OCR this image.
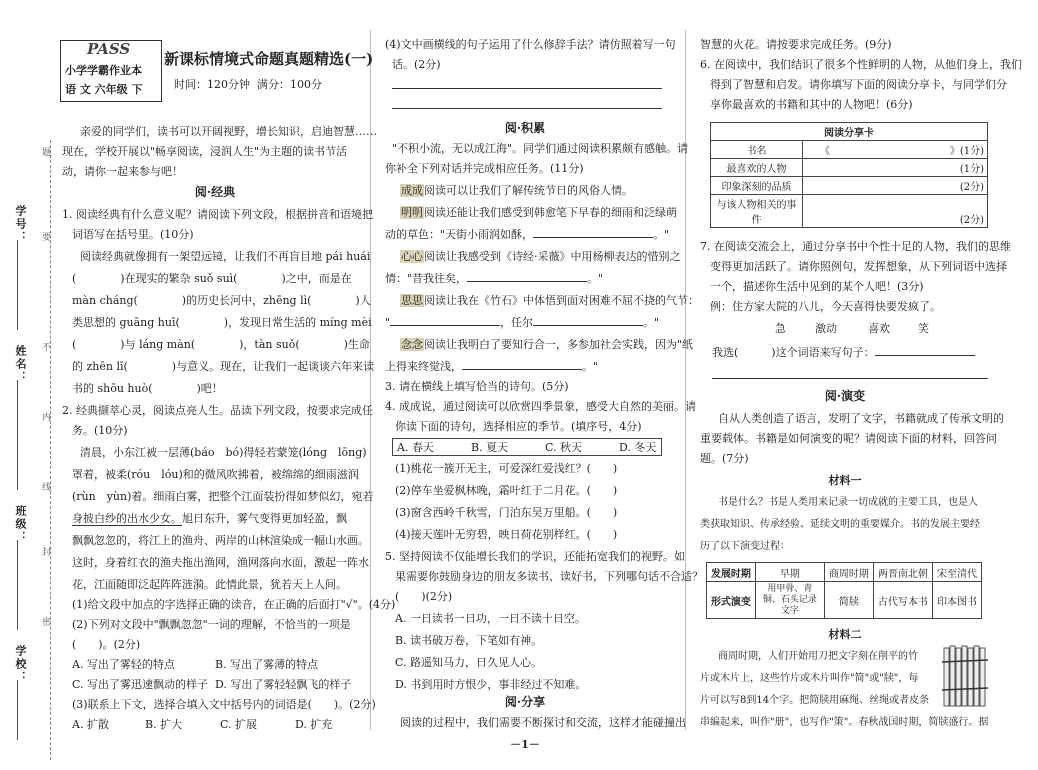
学号：
姓名：
班级：
学校：
题
要
不
内
线
封
密
PASS
小学学霸作业本
语 文 六年级 下
新课标情境式命题真题精选(一)
时间：120分钟 满分：100分
亲爱的同学们，读书可以开阔视野，增长知识，启迪智慧……
现在，学校开展以"畅享阅读，浸润人生"为主题的读书节活
动，请你一起来参与吧！
阅·经典
1. 阅读经典有什么意义呢？请阅读下列文段，根据拼音和语境把
词语写在括号里。(10分)
阅读经典就像拥有一架望远镜，让我们不再盲目地 pái huái
(　　　　)在现实的繁杂 suǒ suì(　　　　)之中，而是在
màn cháng(　　　　)的历史长河中，zhēng lì(　　　　)人
类思想的 guāng huī(　　　　)，发现日常生活的 míng mèi
(　　　　)与 láng màn(　　　　)，tàn suǒ(　　　　)生命
的 zhēn lǐ(　　　　)与意义。现在，让我们一起谈谈六年来读
书的 shōu huò(　　　　)吧！
2. 经典撷萃心灵，阅读点亮人生。品读下列文段，按要求完成任
务。(10分)
清晨，小东江被一层薄(báo　bó)得轻若蒙笼(lóng　lōng)
罩着，被柔(róu　lóu)和的微风吹拂着，被绵绵的细雨滋润
(rùn　yùn)着。细雨白雾，把整个江面装扮得如梦似幻，宛若
身披白纱的出水少女。旭日东升，雾气变得更加轻盈，飘
飘飘忽忽的，将江上的渔舟、两岸的山林渲染成一幅山水画。
这时，身着红衣的渔夫拖出渔网，渔网落向水面，激起一阵水
花，江面随即泛起阵阵涟漪。此情此景，犹若天上人间。
(1)给文段中加点的字选择正确的读音，在正确的后面打"√"。(4分)
(2)下列对文段中"飘飘忽忽"一词的理解，不恰当的一项是
(　　)。(2分)
A. 写出了雾轻的特点	B. 写出了雾薄的特点
C. 写出了雾迅速飘动的样子 D. 写出了雾轻轻飘飞的样子
(3)联系上下文，选择合填入文中括号内的词语是(　　)。(2分)
A. 扩散	B. 扩大	C. 扩展	D. 扩充
(4)文中画横线的句子运用了什么修辞手法？请仿照着写一句
话。(2分)
阅·积累
"不积小流，无以成江海"。同学们通过阅读积累颇有感触。请
你补全下列对话并完成相应任务。(11分)
成成阅读可以让我们了解传统节日的风俗人情。
明明阅读还能让我们感受到韩愈笔下早春的细雨和泛绿萌
动的草色："天街小雨润如酥，	。"
心心阅读让我感受到《诗经·采薇》中用杨柳表达的惜别之
情："昔我往矣，	。"
思思阅读让我在《竹石》中体悟到面对困难不屈不挠的气节：
"	，任尔	。"
念念阅读让我明白了要知行合一，多参加社会实践，因为"纸
上得来终觉浅，	。"
3. 请在横线上填写恰当的诗句。(5分)
4. 成成说，通过阅读可以欣赏四季景象，感受大自然的美丽。请
你读下面的诗句，选择相应的季节。(填序号，4分)
A. 春天	B. 夏天	C. 秋天	D. 冬天
(1)桃花一簇开无主，可爱深红爱浅红？(　　)
(2)停车坐爱枫林晚，霜叶红于二月花。(　　)
(3)窗含西岭千秋雪，门泊东吴万里船。(　　)
(4)接天莲叶无穷碧，映日荷花别样红。(　　)
5. 坚持阅读不仅能增长我们的学识，还能拓宽我们的视野。如
果需要你鼓励身边的朋友多读书、读好书，下列哪句话不合适？
(　　)(2分)
A. 一日读书一日功，一日不读十日空。
B. 读书破万卷，下笔如有神。
C. 路遥知马力，日久见人心。
D. 书到用时方恨少，事非经过不知难。
阅·分享
阅读的过程中，我们需要不断探讨和交流，这样才能碰撞出
－1－
智慧的火花。请按要求完成任务。(9分)
6. 在阅读中，我们结识了很多个性鲜明的人物，从他们身上，我们
得到了智慧和启发。请你填写下面的阅读分享卡，与同学们分
享你最喜欢的书籍和其中的人物吧！(6分)
阅读分享卡	
书名	《　　　　　　　　　　　　》(1分)
最喜欢的人物	(1分)
印象深刻的品质	(2分)
与该人物相关的事件	(2分)
7. 在阅读交流会上，通过分享书中个性十足的人物，我们的思维
变得更加活跃了。请你照例句，发挥想象，从下列词语中选择
一个，描述你生活中见到的某个人吧！(3分)
例：住方家大院的八儿，今天喜得快要发疯了。
急	激动	喜欢	笑
我选(　　　)这个词语来写句子：
阅·演变
自从人类创造了语言，发明了文字，书籍就成了传承文明的
重要载体。书籍是如何演变的呢？请阅读下面的材料，回答问
题。(7分)
材料一
书是什么？书是人类用来记录一切成就的主要工具，也是人
类获取知识、传承经验、延续文明的重要媒介。书的发展主要经
历了以下演变过程：
发展时期	早期	商周时期	两晋南北朝	宋至清代
形式演变	用甲骨、青铜、石头记录文字	简牍	古代写本书	印本图书
材料二
商周时期，人们开始用刀把文字刻在削平的竹
片或木片上，这些竹片或木片叫作"简"或"牍"，每
片可以写8到14个字。把简牍用麻绳、丝绳或者皮条
串编起来，叫作"册"，也写作"策"。春秋战国时期，简牍盛行。据
